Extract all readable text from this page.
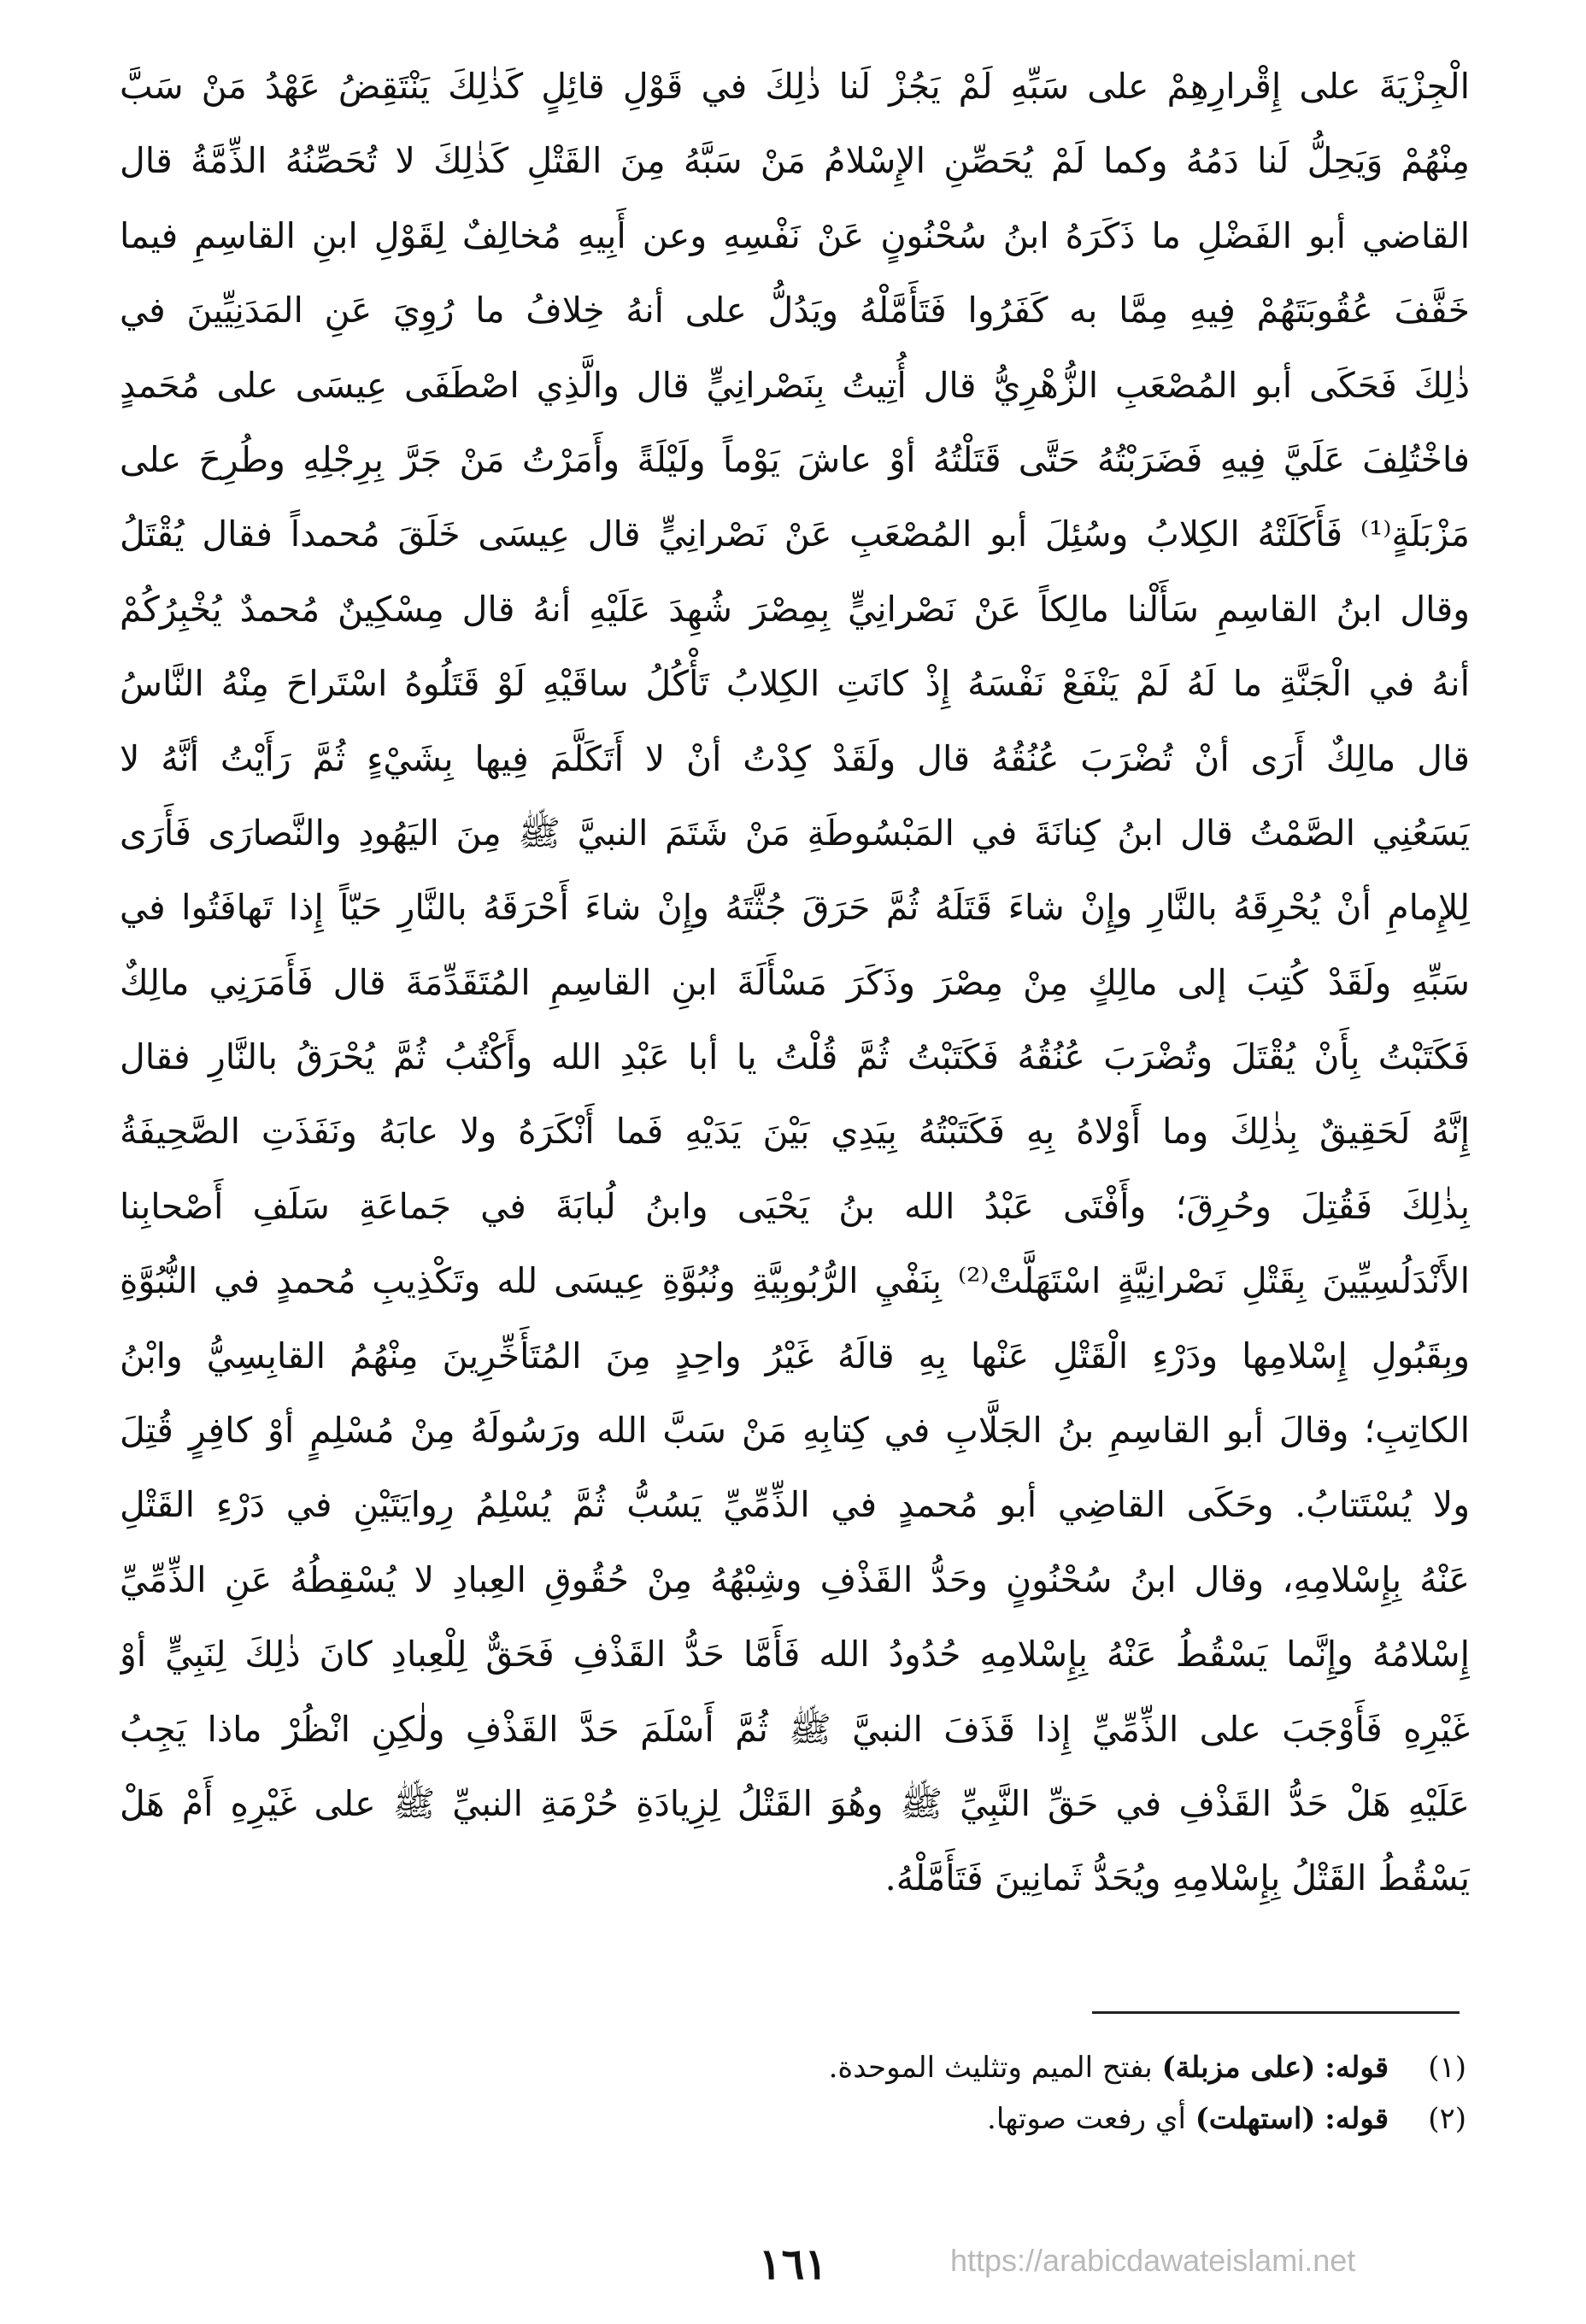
الْجِزْيَةَ على إِقْرارِهِمْ على سَبِّهِ لَمْ يَجُزْ لَنا ذٰلِكَ في قَوْلِ قائِلٍ كَذٰلِكَ يَنْتَقِضُ عَهْدُ مَنْ سَبَّ
مِنْهُمْ وَيَحِلُّ لَنا دَمُهُ وكما لَمْ يُحَصِّنِ الإِسْلامُ مَنْ سَبَّهُ مِنَ القَتْلِ كَذٰلِكَ لا تُحَصِّنُهُ الذِّمَّةُ قال
القاضي أبو الفَضْلِ ما ذَكَرَهُ ابنُ سُحْنُونٍ عَنْ نَفْسِهِ وعن أَبِيهِ مُخالِفٌ لِقَوْلِ ابنِ القاسِمِ فيما
خَفَّفَ عُقُوبَتَهُمْ فِيهِ مِمَّا به كَفَرُوا فَتَأَمَّلْهُ ويَدُلُّ على أنهُ خِلافُ ما رُوِيَ عَنِ المَدَنِيِّينَ في
ذٰلِكَ فَحَكَى أبو المُصْعَبِ الزُّهْرِيُّ قال أُتِيتُ بِنَصْرانِيٍّ قال والَّذِي اصْطَفَى عِيسَى على مُحَمدٍ
فاخْتُلِفَ عَلَيَّ فِيهِ فَضَرَبْتُهُ حَتَّى قَتَلْتُهُ أوْ عاشَ يَوْماً ولَيْلَةً وأَمَرْتُ مَنْ جَرَّ بِرِجْلِهِ وطُرِحَ على
مَزْبَلَةٍ⁽¹⁾ فَأَكَلَتْهُ الكِلابُ وسُئِلَ أبو المُصْعَبِ عَنْ نَصْرانِيٍّ قال عِيسَى خَلَقَ مُحمداً فقال يُقْتَلُ
وقال ابنُ القاسِمِ سَأَلْنا مالِكاً عَنْ نَصْرانِيٍّ بِمِصْرَ شُهِدَ عَلَيْهِ أنهُ قال مِسْكِينٌ مُحمدٌ يُخْبِرُكُمْ
أنهُ في الْجَنَّةِ ما لَهُ لَمْ يَنْفَعْ نَفْسَهُ إِذْ كانَتِ الكِلابُ تَأْكُلُ ساقَيْهِ لَوْ قَتَلُوهُ اسْتَراحَ مِنْهُ النَّاسُ
قال مالِكٌ أَرَى أنْ تُضْرَبَ عُنُقُهُ قال ولَقَدْ كِدْتُ أنْ لا أَتَكَلَّمَ فِيها بِشَيْءٍ ثُمَّ رَأَيْتُ أنَّهُ لا
يَسَعُنِي الصَّمْتُ قال ابنُ كِنانَةَ في المَبْسُوطَةِ مَنْ شَتَمَ النبيَّ ﷺ مِنَ اليَهُودِ والنَّصارَى فَأَرَى
لِلإِمامِ أنْ يُحْرِقَهُ بالنَّارِ وإِنْ شاءَ قَتَلَهُ ثُمَّ حَرَقَ جُثَّتَهُ وإِنْ شاءَ أَحْرَقَهُ بالنَّارِ حَيّاً إِذا تَهافَتُوا في
سَبِّهِ ولَقَدْ كُتِبَ إلى مالِكٍ مِنْ مِصْرَ وذَكَرَ مَسْأَلَةَ ابنِ القاسِمِ المُتَقَدِّمَةَ قال فَأَمَرَنِي مالِكٌ
فَكَتَبْتُ بِأَنْ يُقْتَلَ وتُضْرَبَ عُنُقُهُ فَكَتَبْتُ ثُمَّ قُلْتُ يا أبا عَبْدِ الله وأَكْتُبُ ثُمَّ يُحْرَقُ بالنَّارِ فقال
إِنَّهُ لَحَقِيقٌ بِذٰلِكَ وما أَوْلاهُ بِهِ فَكَتَبْتُهُ بِيَدِي بَيْنَ يَدَيْهِ فَما أَنْكَرَهُ ولا عابَهُ ونَفَذَتِ الصَّحِيفَةُ
بِذٰلِكَ فَقُتِلَ وحُرِقَ؛ وأَفْتَى عَبْدُ الله بنُ يَحْيَى وابنُ لُبابَةَ في جَماعَةِ سَلَفِ أَصْحابِنا
الأَنْدَلُسِيِّينَ بِقَتْلِ نَصْرانِيَّةٍ اسْتَهَلَّتْ⁽²⁾ بِنَفْيِ الرُّبُوبِيَّةِ ونُبُوَّةِ عِيسَى لله وتَكْذِيبِ مُحمدٍ في النُّبُوَّةِ
وبِقَبُولِ إِسْلامِها ودَرْءِ الْقَتْلِ عَنْها بِهِ قالَهُ غَيْرُ واحِدٍ مِنَ المُتَأَخِّرِينَ مِنْهُمُ القابِسِيُّ وابْنُ
الكاتِبِ؛ وقالَ أبو القاسِمِ بنُ الجَلَّابِ في كِتابِهِ مَنْ سَبَّ الله ورَسُولَهُ مِنْ مُسْلِمٍ أوْ كافِرٍ قُتِلَ
ولا يُسْتَتابُ. وحَكَى القاضِي أبو مُحمدٍ في الذِّمِّيِّ يَسُبُّ ثُمَّ يُسْلِمُ رِوايَتَيْنِ في دَرْءِ القَتْلِ
عَنْهُ بِإِسْلامِهِ، وقال ابنُ سُحْنُونٍ وحَدُّ القَذْفِ وشِبْهُهُ مِنْ حُقُوقِ العِبادِ لا يُسْقِطُهُ عَنِ الذِّمِّيِّ
إِسْلامُهُ وإِنَّما يَسْقُطُ عَنْهُ بِإِسْلامِهِ حُدُودُ الله فَأَمَّا حَدُّ القَذْفِ فَحَقٌّ لِلْعِبادِ كانَ ذٰلِكَ لِنَبِيٍّ أوْ
غَيْرِهِ فَأَوْجَبَ على الذِّمِّيِّ إِذا قَذَفَ النبيَّ ﷺ ثُمَّ أَسْلَمَ حَدَّ القَذْفِ ولٰكِنِ انْظُرْ ماذا يَجِبُ
عَلَيْهِ هَلْ حَدُّ القَذْفِ في حَقِّ النَّبِيِّ ﷺ وهُوَ القَتْلُ لِزِيادَةِ حُرْمَةِ النبيِّ ﷺ على غَيْرِهِ أَمْ هَلْ
يَسْقُطُ القَتْلُ بِإِسْلامِهِ ويُحَدُّ ثَمانِينَ فَتَأَمَّلْهُ.
(١) قوله: (على مزبلة) بفتح الميم وتثليث الموحدة.
(٢) قوله: (استهلت) أي رفعت صوتها.
١٦١	https://arabicdawateislami.net
